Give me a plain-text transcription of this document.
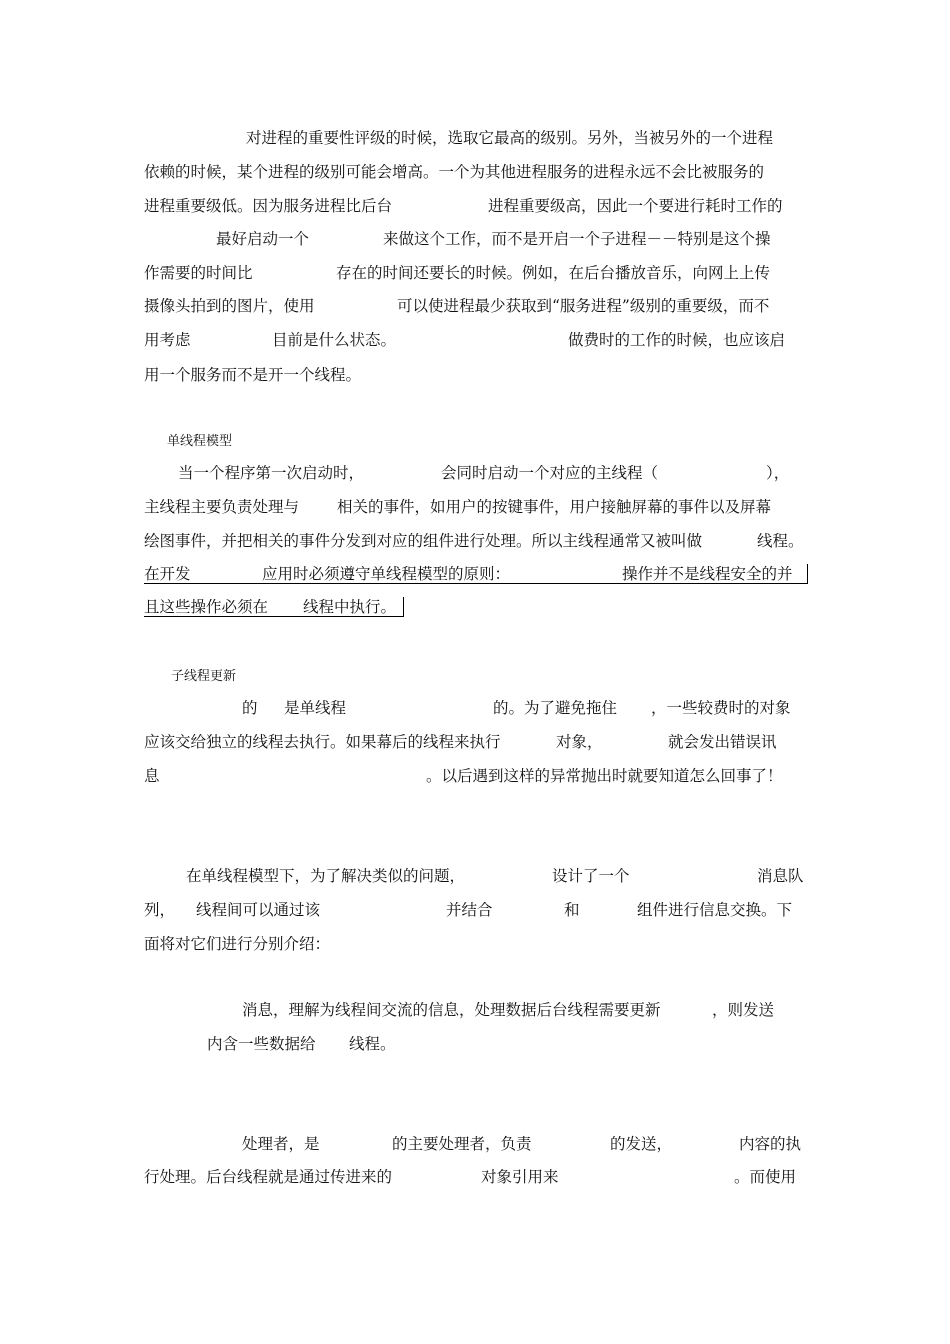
对进程的重要性评级的时候，选取它最高的级别。另外，当被另外的一个进程
依赖的时候，某个进程的级别可能会增高。一个为其他进程服务的进程永远不会比被服务的
进程重要级低。因为服务进程比后台	进程重要级高，因此一个要进行耗时工作的
最好启动一个	来做这个工作，而不是开启一个子进程－－特别是这个操
作需要的时间比	存在的时间还要长的时候。例如，在后台播放音乐，向网上上传
摄像头拍到的图片，使用	可以使进程最少获取到“服务进程”级别的重要级，而不
用考虑	目前是什么状态。	做费时的工作的时候，也应该启
用一个服务而不是开一个线程。
单线程模型
当一个程序第一次启动时，	会同时启动一个对应的主线程（	），
主线程主要负责处理与 相关的事件，如用户的按键事件，用户接触屏幕的事件以及屏幕
绘图事件，并把相关的事件分发到对应的组件进行处理。所以主线程通常又被叫做	线程。
在开发	应用时必须遵守单线程模型的原则：	操作并不是线程安全的并
且这些操作必须在 线程中执行。
子线程更新
的 是单线程	的。为了避免拖住 ，一些较费时的对象
应该交给独立的线程去执行。如果幕后的线程来执行	对象，	就会发出错误讯
息	。以后遇到这样的异常抛出时就要知道怎么回事了！
在单线程模型下，为了解决类似的问题，	设计了一个	消息队
列， 线程间可以通过该	并结合	和	组件进行信息交换。下
面将对它们进行分别介绍：
消息，理解为线程间交流的信息，处理数据后台线程需要更新	，则发送
内含一些数据给 线程。
处理者，是	的主要处理者，负责	的发送，	内容的执
行处理。后台线程就是通过传进来的	对象引用来	。而使用
